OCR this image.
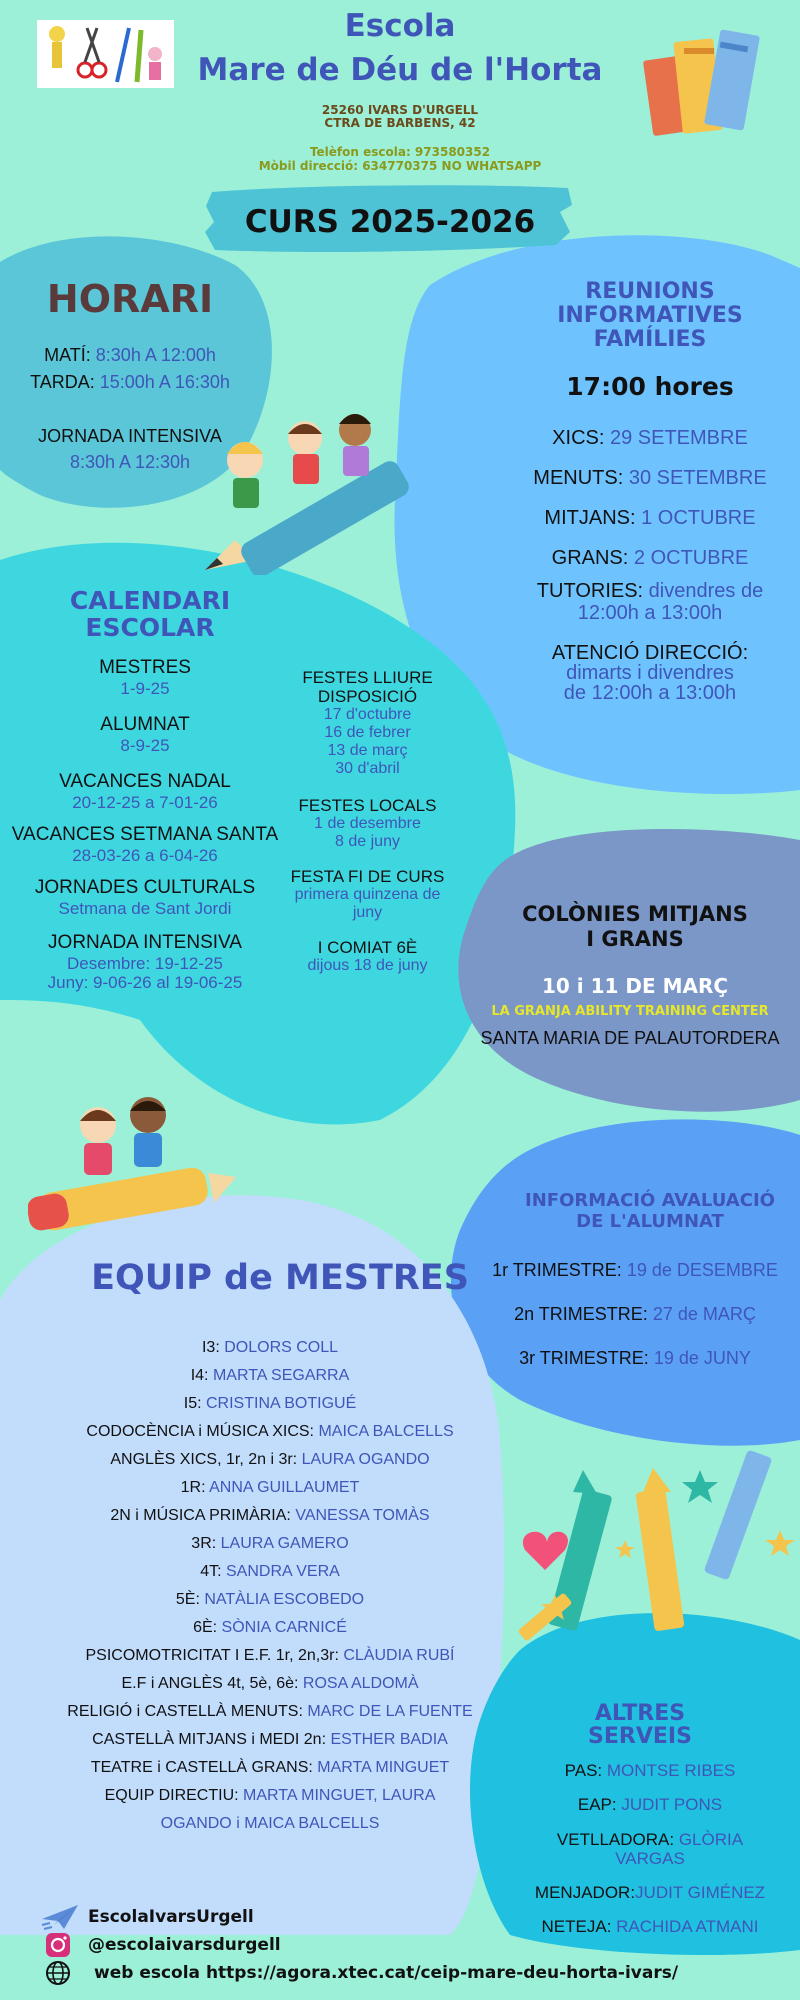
Escola
Mare de Déu de l'Horta
25260 IVARS D'URGELL
CTRA DE BARBENS, 42
Telèfon escola: 973580352
Mòbil direcció: 634770375 NO WHATSAPP
CURS 2025-2026
HORARI
MATÍ: 8:30h A 12:00h
TARDA: 15:00h A 16:30h
JORNADA INTENSIVA
8:30h A 12:30h
REUNIONS
INFORMATIVES
FAMÍLIES
17:00 hores
XICS: 29 SETEMBRE
MENUTS: 30 SETEMBRE
MITJANS: 1 OCTUBRE
GRANS: 2 OCTUBRE
TUTORIES: divendres de
12:00h a 13:00h
ATENCIÓ DIRECCIÓ:
dimarts i divendres
de 12:00h a 13:00h
CALENDARI
ESCOLAR
MESTRES
1-9-25
ALUMNAT
8-9-25
VACANCES NADAL
20-12-25 a 7-01-26
VACANCES SETMANA SANTA
28-03-26 a 6-04-26
JORNADES CULTURALS
Setmana de Sant Jordi
JORNADA INTENSIVA
Desembre: 19-12-25
Juny: 9-06-26 al 19-06-25
FESTES LLIURE
DISPOSICIÓ
17 d'octubre
16 de febrer
13 de març
30 d'abril
FESTES LOCALS
1 de desembre
8 de juny
FESTA FI DE CURS
primera quinzena de
juny
I COMIAT 6È
dijous 18 de juny
COLÒNIES MITJANS
I GRANS
10 i 11 DE MARÇ
LA GRANJA ABILITY TRAINING CENTER
SANTA MARIA DE PALAUTORDERA
INFORMACIÓ AVALUACIÓ
DE L'ALUMNAT
1r TRIMESTRE: 19 de DESEMBRE
2n TRIMESTRE: 27 de MARÇ
3r TRIMESTRE: 19 de JUNY
EQUIP de MESTRES
I3: DOLORS COLL
I4: MARTA SEGARRA
I5: CRISTINA BOTIGUÉ
CODOCÈNCIA i MÚSICA XICS: MAICA BALCELLS
ANGLÈS XICS, 1r, 2n i 3r: LAURA OGANDO
1R: ANNA GUILLAUMET
2N i MÚSICA PRIMÀRIA: VANESSA TOMÀS
3R: LAURA GAMERO
4T: SANDRA VERA
5È: NATÀLIA ESCOBEDO
6È: SÒNIA CARNICÉ
PSICOMOTRICITAT I E.F. 1r, 2n,3r: CLÀUDIA RUBÍ
E.F i ANGLÈS 4t, 5è, 6è: ROSA ALDOMÀ
RELIGIÓ i CASTELLÀ MENUTS: MARC DE LA FUENTE
CASTELLÀ MITJANS i MEDI 2n: ESTHER BADIA
TEATRE i CASTELLÀ GRANS: MARTA MINGUET
EQUIP DIRECTIU: MARTA MINGUET, LAURA
OGANDO i MAICA BALCELLS
ALTRES
SERVEIS
PAS: MONTSE RIBES
EAP: JUDIT PONS
VETLLADORA: GLÒRIA
VARGAS
MENJADOR:JUDIT GIMÉNEZ
NETEJA: RACHIDA ATMANI
EscolaIvarsUrgell
@escolaivarsdurgell
web escola https://agora.xtec.cat/ceip-mare-deu-horta-ivars/
